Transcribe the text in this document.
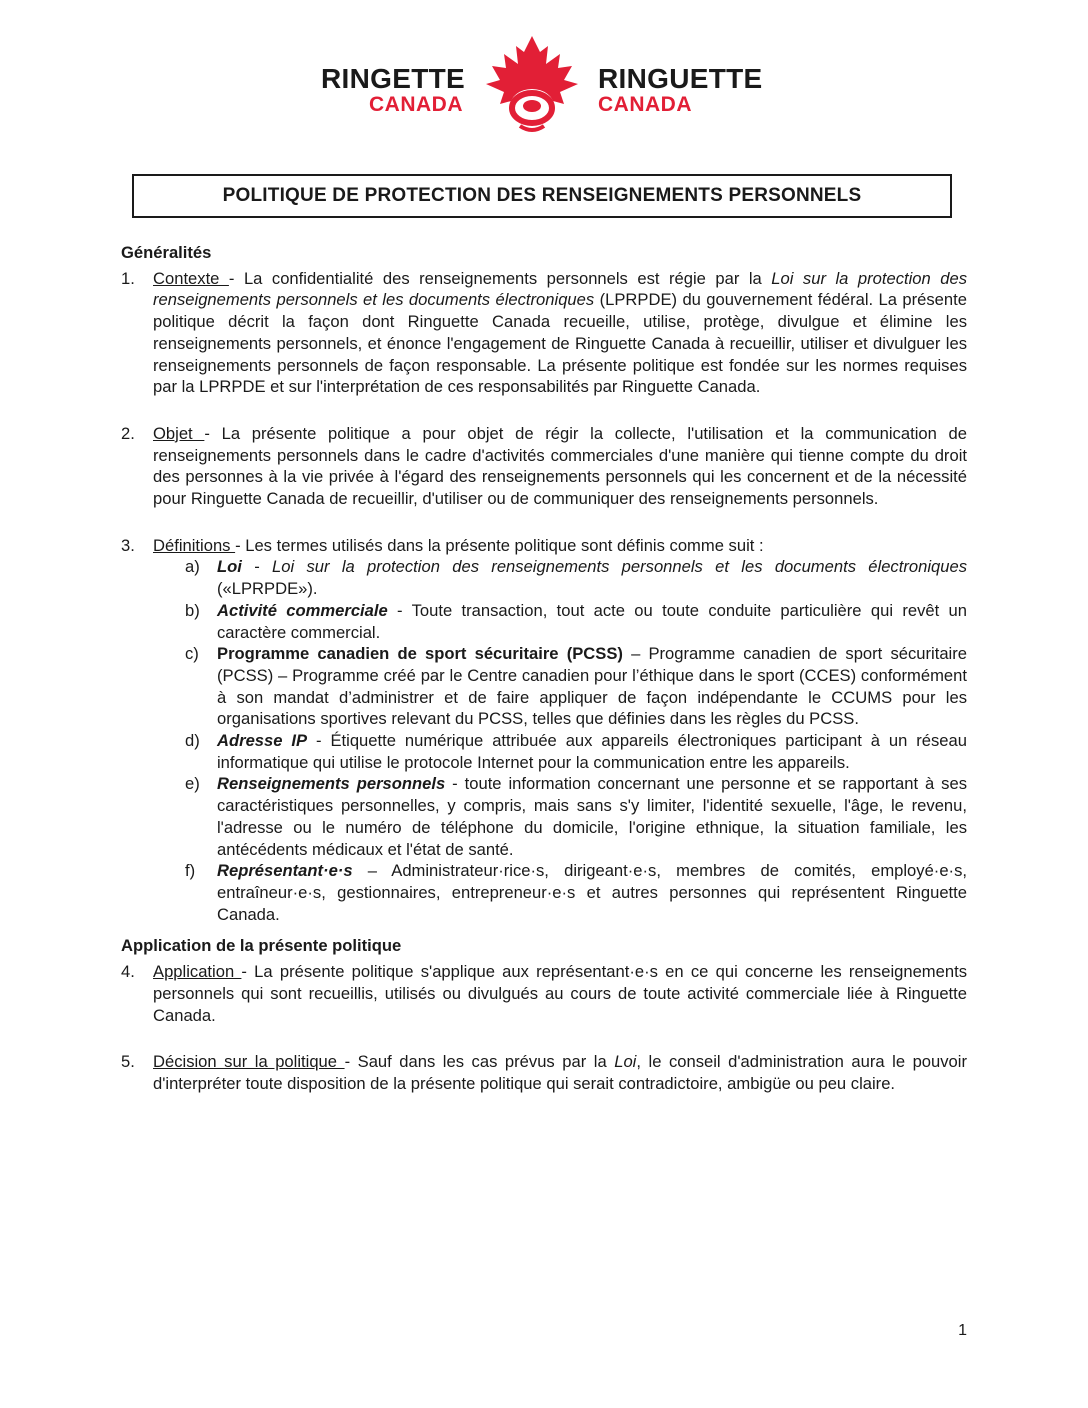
RINGETTE
CANADA
RINGUETTE
CANADA
POLITIQUE DE PROTECTION DES RENSEIGNEMENTS PERSONNELS
Généralités
1. Contexte - La confidentialité des renseignements personnels est régie par la Loi sur la protection des renseignements personnels et les documents électroniques (LPRPDE) du gouvernement fédéral. La présente politique décrit la façon dont Ringuette Canada recueille, utilise, protège, divulgue et élimine les renseignements personnels, et énonce l'engagement de Ringuette Canada à recueillir, utiliser et divulguer les renseignements personnels de façon responsable. La présente politique est fondée sur les normes requises par la LPRPDE et sur l'interprétation de ces responsabilités par Ringuette Canada.
2. Objet - La présente politique a pour objet de régir la collecte, l'utilisation et la communication de renseignements personnels dans le cadre d'activités commerciales d'une manière qui tienne compte du droit des personnes à la vie privée à l'égard des renseignements personnels qui les concernent et de la nécessité pour Ringuette Canada de recueillir, d'utiliser ou de communiquer des renseignements personnels.
3. Définitions - Les termes utilisés dans la présente politique sont définis comme suit :
a) Loi - Loi sur la protection des renseignements personnels et les documents électroniques («LPRPDE»).
b) Activité commerciale - Toute transaction, tout acte ou toute conduite particulière qui revêt un caractère commercial.
c) Programme canadien de sport sécuritaire (PCSS) – Programme canadien de sport sécuritaire (PCSS) – Programme créé par le Centre canadien pour l’éthique dans le sport (CCES) conformément à son mandat d’administrer et de faire appliquer de façon indépendante le CCUMS pour les organisations sportives relevant du PCSS, telles que définies dans les règles du PCSS.
d) Adresse IP - Étiquette numérique attribuée aux appareils électroniques participant à un réseau informatique qui utilise le protocole Internet pour la communication entre les appareils.
e) Renseignements personnels - toute information concernant une personne et se rapportant à ses caractéristiques personnelles, y compris, mais sans s'y limiter, l'identité sexuelle, l'âge, le revenu, l'adresse ou le numéro de téléphone du domicile, l'origine ethnique, la situation familiale, les antécédents médicaux et l'état de santé.
f) Représentant·e·s – Administrateur·rice·s, dirigeant·e·s, membres de comités, employé·e·s, entraîneur·e·s, gestionnaires, entrepreneur·e·s et autres personnes qui représentent Ringuette Canada.
Application de la présente politique
4. Application - La présente politique s'applique aux représentant·e·s en ce qui concerne les renseignements personnels qui sont recueillis, utilisés ou divulgués au cours de toute activité commerciale liée à Ringuette Canada.
5. Décision sur la politique - Sauf dans les cas prévus par la Loi, le conseil d'administration aura le pouvoir d'interpréter toute disposition de la présente politique qui serait contradictoire, ambigüe ou peu claire.
1
